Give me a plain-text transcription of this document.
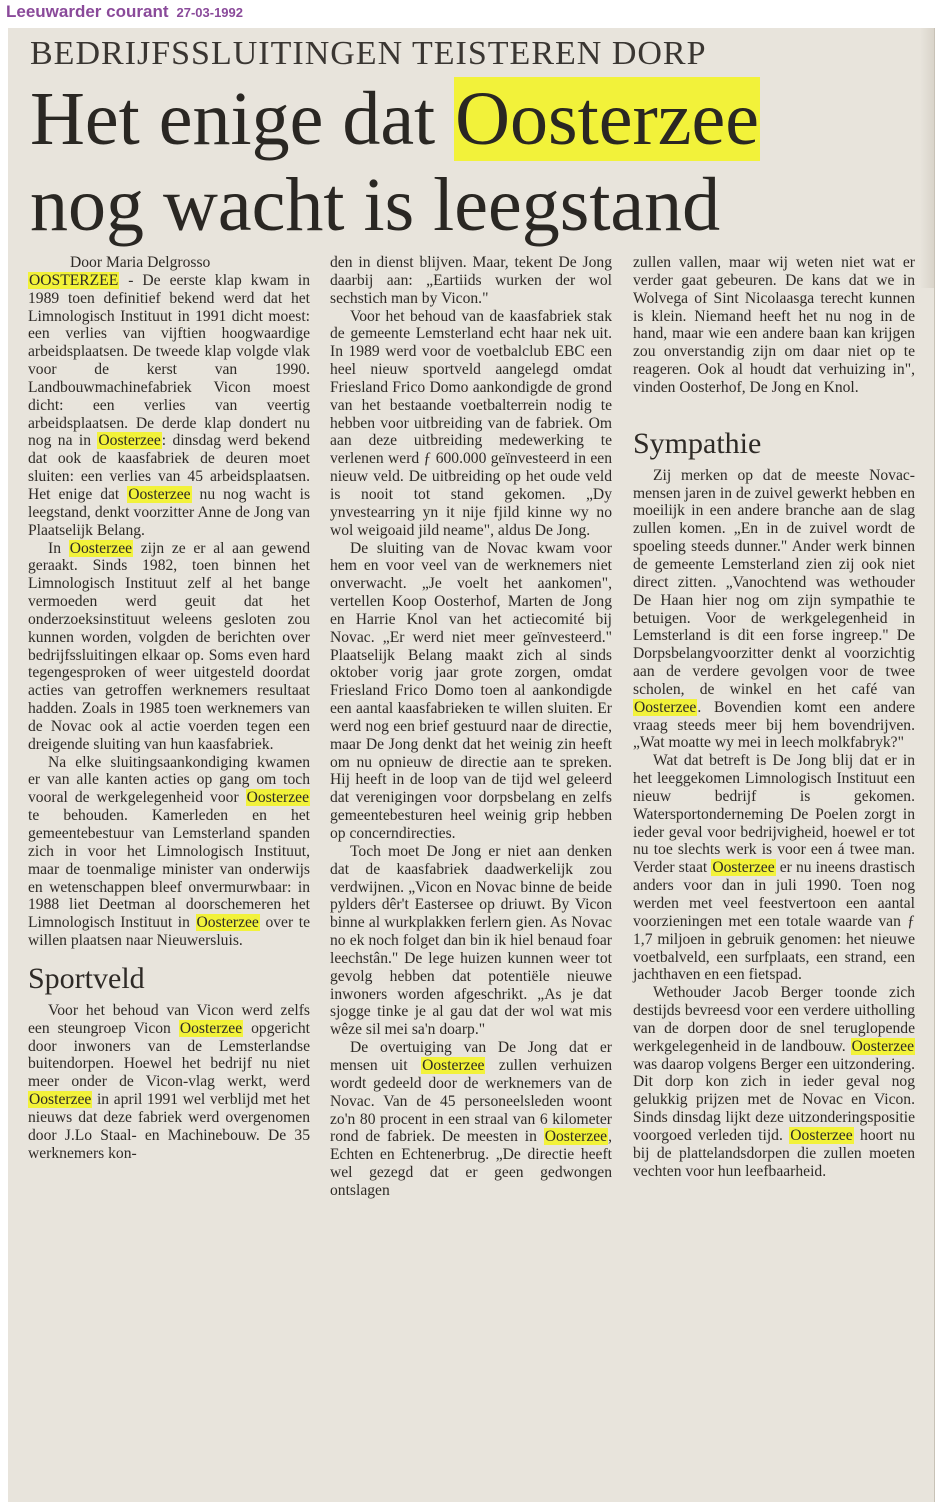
Leeuwarder courant 27-03-1992
BEDRIJFSSLUITINGEN TEISTEREN DORP
Het enige dat Oosterzee
nog wacht is leegstand

Door Maria Delgrosso

OOSTERZEE - De eerste klap kwam in 1989 toen definitief bekend werd dat het Limnologisch Instituut in 1991 dicht moest: een verlies van vijftien hoogwaardige arbeidsplaatsen. De tweede klap volgde vlak voor de kerst van 1990. Landbouwmachinefabriek Vicon moest dicht: een verlies van veertig arbeidsplaatsen. De derde klap dondert nu nog na in Oosterzee: dinsdag werd bekend dat ook de kaasfabriek de deuren moet sluiten: een verlies van 45 arbeidsplaatsen. Het enige dat Oosterzee nu nog wacht is leegstand, denkt voorzitter Anne de Jong van Plaatselijk Belang.

In Oosterzee zijn ze er al aan gewend geraakt. Sinds 1982, toen binnen het Limnologisch Instituut zelf al het bange vermoeden werd geuit dat het onderzoeksinstituut weleens gesloten zou kunnen worden, volgden de berichten over bedrijfssluitingen elkaar op. Soms even hard tegengesproken of weer uitgesteld doordat acties van getroffen werknemers resultaat hadden. Zoals in 1985 toen werknemers van de Novac ook al actie voerden tegen een dreigende sluiting van hun kaasfabriek.

Na elke sluitingsaankondiging kwamen er van alle kanten acties op gang om toch vooral de werkgelegenheid voor Oosterzee te behouden. Kamerleden en het gemeentebestuur van Lemsterland spanden zich in voor het Limnologisch Instituut, maar de toenmalige minister van onderwijs en wetenschappen bleef onvermurwbaar: in 1988 liet Deetman al doorschemeren het Limnologisch Instituut in Oosterzee over te willen plaatsen naar Nieuwersluis.

Sportveld

Voor het behoud van Vicon werd zelfs een steungroep Vicon Oosterzee opgericht door inwoners van de Lemsterlandse buitendorpen. Hoewel het bedrijf nu niet meer onder de Vicon-vlag werkt, werd Oosterzee in april 1991 wel verblijd met het nieuws dat deze fabriek werd overgenomen door J.Lo Staal- en Machinebouw. De 35 werknemers kon-

den in dienst blijven. Maar, tekent De Jong daarbij aan: „Eartiids wurken der wol sechstich man by Vicon."

Voor het behoud van de kaasfabriek stak de gemeente Lemsterland echt haar nek uit. In 1989 werd voor de voetbalclub EBC een heel nieuw sportveld aangelegd omdat Friesland Frico Domo aankondigde de grond van het bestaande voetbalterrein nodig te hebben voor uitbreiding van de fabriek. Om aan deze uitbreiding medewerking te verlenen werd ƒ 600.000 geïnvesteerd in een nieuw veld. De uitbreiding op het oude veld is nooit tot stand gekomen. „Dy ynvestearring yn it nije fjild kinne wy no wol weigoaid jild neame", aldus De Jong.

De sluiting van de Novac kwam voor hem en voor veel van de werknemers niet onverwacht. „Je voelt het aankomen", vertellen Koop Oosterhof, Marten de Jong en Harrie Knol van het actiecomité bij Novac. „Er werd niet meer geïnvesteerd." Plaatselijk Belang maakt zich al sinds oktober vorig jaar grote zorgen, omdat Friesland Frico Domo toen al aankondigde een aantal kaasfabrieken te willen sluiten. Er werd nog een brief gestuurd naar de directie, maar De Jong denkt dat het weinig zin heeft om nu opnieuw de directie aan te spreken. Hij heeft in de loop van de tijd wel geleerd dat verenigingen voor dorpsbelang en zelfs gemeentebesturen heel weinig grip hebben op concerndirecties.

Toch moet De Jong er niet aan denken dat de kaasfabriek daadwerkelijk zou verdwijnen. „Vicon en Novac binne de beide pylders dêr't Eastersee op driuwt. By Vicon binne al wurkplakken ferlern gien. As Novac no ek noch folget dan bin ik hiel benaud foar leechstân." De lege huizen kunnen weer tot gevolg hebben dat potentiële nieuwe inwoners worden afgeschrikt. „As je dat sjogge tinke je al gau dat der wol wat mis wêze sil mei sa'n doarp."

De overtuiging van De Jong dat er mensen uit Oosterzee zullen verhuizen wordt gedeeld door de werknemers van de Novac. Van de 45 personeelsleden woont zo'n 80 procent in een straal van 6 kilometer rond de fabriek. De meesten in Oosterzee, Echten en Echtenerbrug. „De directie heeft wel gezegd dat er geen gedwongen ontslagen

zullen vallen, maar wij weten niet wat er verder gaat gebeuren. De kans dat we in Wolvega of Sint Nicolaasga terecht kunnen is klein. Niemand heeft het nu nog in de hand, maar wie een andere baan kan krijgen zou onverstandig zijn om daar niet op te reageren. Ook al houdt dat verhuizing in", vinden Oosterhof, De Jong en Knol.

Sympathie

Zij merken op dat de meeste Novac-mensen jaren in de zuivel gewerkt hebben en moeilijk in een andere branche aan de slag zullen komen. „En in de zuivel wordt de spoeling steeds dunner." Ander werk binnen de gemeente Lemsterland zien zij ook niet direct zitten. „Vanochtend was wethouder De Haan hier nog om zijn sympathie te betuigen. Voor de werkgelegenheid in Lemsterland is dit een forse ingreep." De Dorpsbelangvoorzitter denkt al voorzichtig aan de verdere gevolgen voor de twee scholen, de winkel en het café van Oosterzee. Bovendien komt een andere vraag steeds meer bij hem bovendrijven. „Wat moatte wy mei in leech molkfabryk?"

Wat dat betreft is De Jong blij dat er in het leeggekomen Limnologisch Instituut een nieuw bedrijf is gekomen. Watersportonderneming De Poelen zorgt in ieder geval voor bedrijvigheid, hoewel er tot nu toe slechts werk is voor een á twee man. Verder staat Oosterzee er nu ineens drastisch anders voor dan in juli 1990. Toen nog werden met veel feestvertoon een aantal voorzieningen met een totale waarde van ƒ 1,7 miljoen in gebruik genomen: het nieuwe voetbalveld, een surfplaats, een strand, een jachthaven en een fietspad.

Wethouder Jacob Berger toonde zich destijds bevreesd voor een verdere uitholling van de dorpen door de snel teruglopende werkgelegenheid in de landbouw. Oosterzee was daarop volgens Berger een uitzondering. Dit dorp kon zich in ieder geval nog gelukkig prijzen met de Novac en Vicon. Sinds dinsdag lijkt deze uitzonderingspositie voorgoed verleden tijd. Oosterzee hoort nu bij de plattelandsdorpen die zullen moeten vechten voor hun leefbaarheid.
